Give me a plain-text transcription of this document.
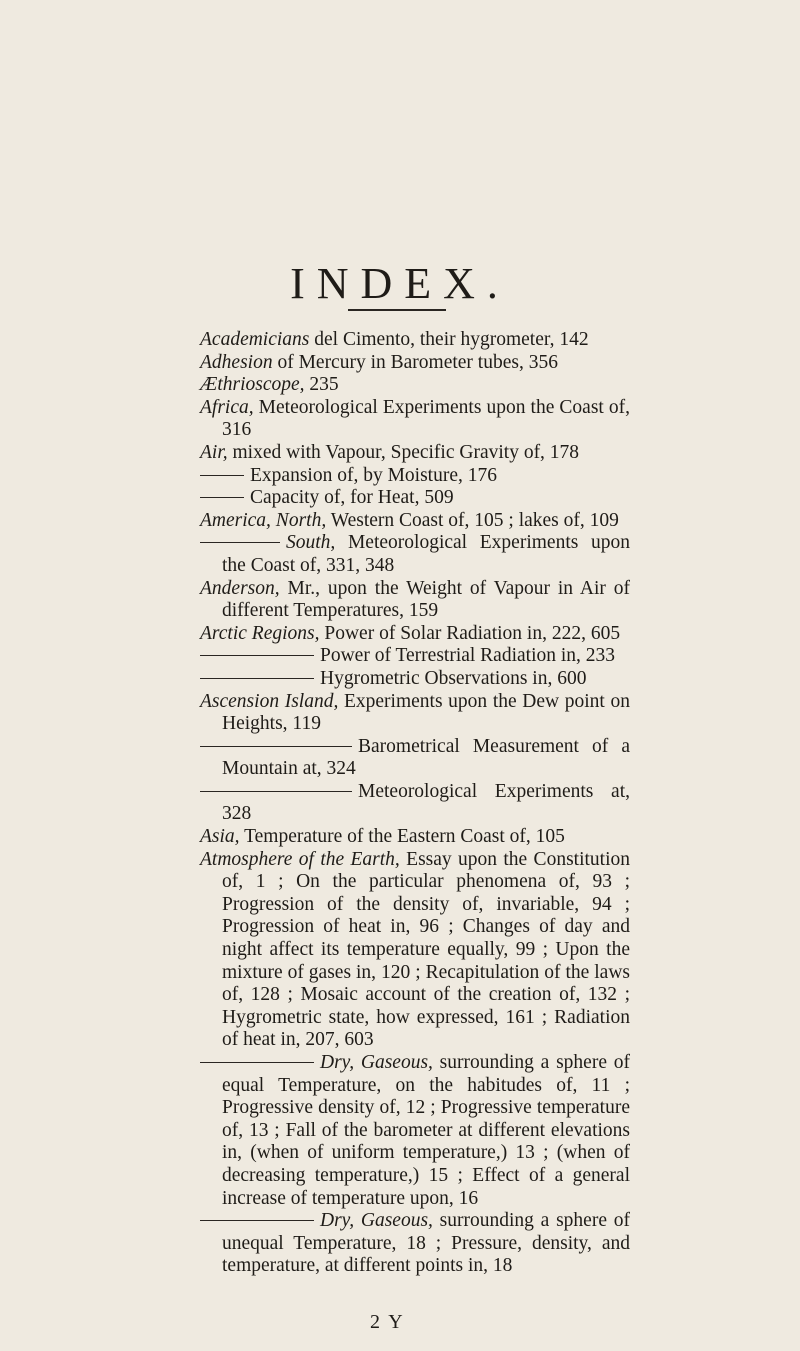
INDEX.

Academicians del Cimento, their hygrometer, 142

Adhesion of Mercury in Barometer tubes, 356

Æthrioscope, 235

Africa, Meteorological Experiments upon the Coast of, 316

Air, mixed with Vapour, Specific Gravity of, 178

Expansion of, by Moisture, 176

Capacity of, for Heat, 509

America, North, Western Coast of, 105 ; lakes of, 109

South, Meteorological Experiments upon the Coast of, 331, 348

Anderson, Mr., upon the Weight of Vapour in Air of different Temperatures, 159

Arctic Regions, Power of Solar Radiation in, 222, 605

Power of Terrestrial Radiation in, 233

Hygrometric Observations in, 600

Ascension Island, Experiments upon the Dew point on Heights, 119

Barometrical Measurement of a Mountain at, 324

Meteorological Experiments at, 328

Asia, Temperature of the Eastern Coast of, 105

Atmosphere of the Earth, Essay upon the Constitution of, 1 ; On the particular phenomena of, 93 ; Progression of the density of, invariable, 94 ; Progression of heat in, 96 ; Changes of day and night affect its temperature equally, 99 ; Upon the mixture of gases in, 120 ; Recapitulation of the laws of, 128 ; Mosaic account of the creation of, 132 ; Hygrometric state, how expressed, 161 ; Radiation of heat in, 207, 603

Dry, Gaseous, surrounding a sphere of equal Temperature, on the habitudes of, 11 ; Progressive density of, 12 ; Progressive temperature of, 13 ; Fall of the barometer at different elevations in, (when of uniform temperature,) 13 ; (when of decreasing temperature,) 15 ; Effect of a general increase of temperature upon, 16

Dry, Gaseous, surrounding a sphere of unequal Temperature, 18 ; Pressure, density, and temperature, at different points in, 18

2 Y
